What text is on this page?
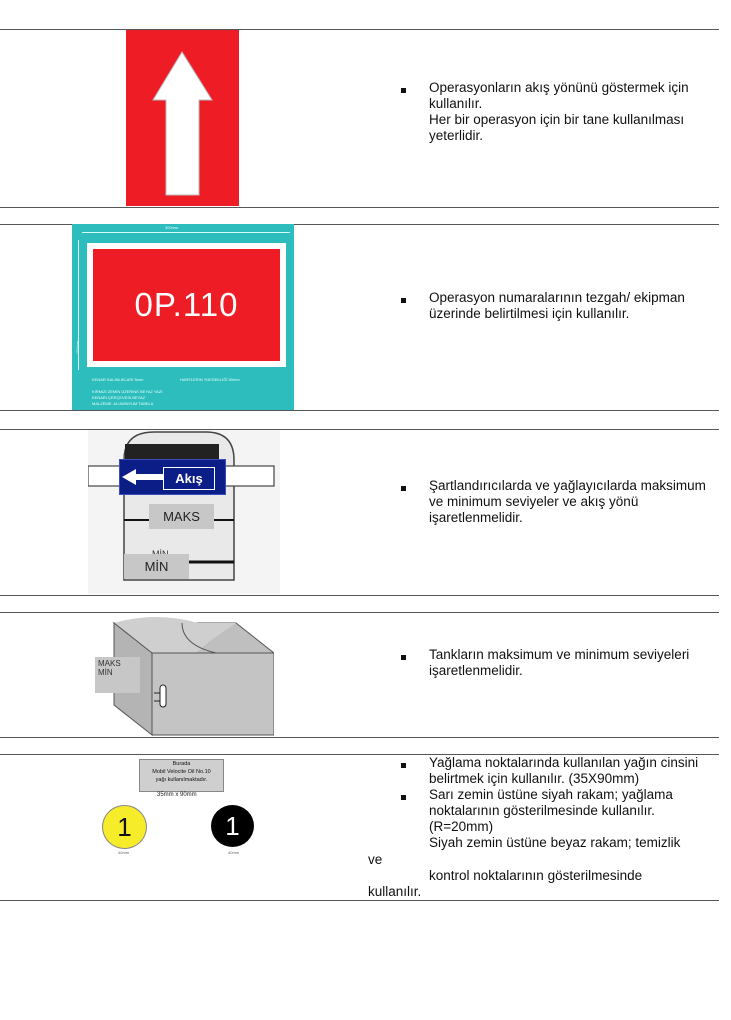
Operasyonların akış yönünü göstermek için kullanılır.
Her bir operasyon için bir tane kullanılması
yeterlidir.
300mm
150mm
0P.110
KENAR KALINLIKLARI 5mm	HARFLERIN YÜKSEKLİĞİ 50mm
KIRMIZI ZEMİN ÜZERİNE BEYAZ YAZI
KENARI ÇERÇEVESİ BEYAZ
MALZEME: ALÜMİNYUM TABELA
Operasyon numaralarının tezgah/ ekipman üzerinde belirtilmesi için kullanılır.
Akış
MAKS
MİN
Şartlandırıcılarda ve yağlayıcılarda maksimum ve minimum seviyeler ve akış yönü işaretlenmelidir.
MAKS
MİN
Tankların maksimum ve minimum seviyeleri işaretlenmelidir.
Burada
Mobil Velocite Oil No.10
yağı kullanılmaktadır.
35mm x 90mm
1
40mm
1
40mm
Yağlama noktalarında kullanılan yağın cinsini belirtmek için kullanılır. (35X90mm)
Sarı zemin üstüne siyah rakam; yağlama noktalarının gösterilmesinde kullanılır. (R=20mm)
Siyah zemin üstüne beyaz rakam; temizlik
ve
kontrol noktalarının gösterilmesinde
kullanılır.
